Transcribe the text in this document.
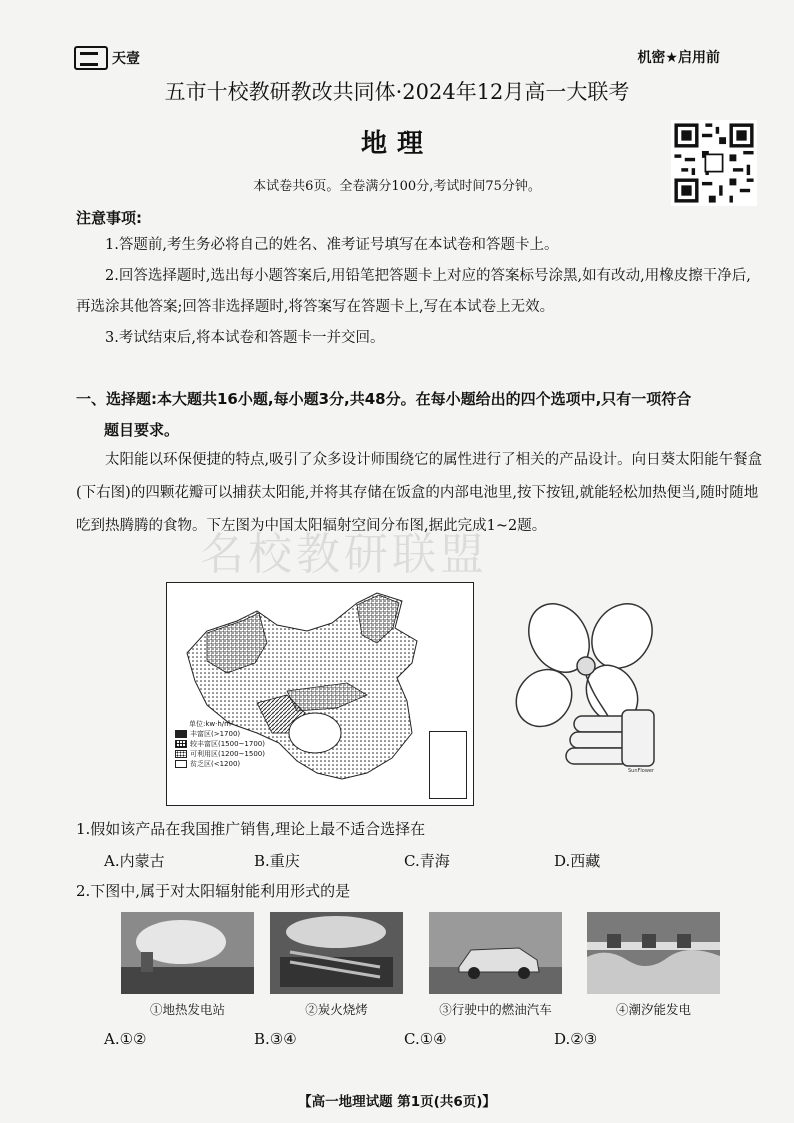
天壹	机密★启用前
五市十校教研教改共同体·2024年12月高一大联考
地理
本试卷共6页。全卷满分100分,考试时间75分钟。
注意事项:
1.答题前,考生务必将自己的姓名、准考证号填写在本试卷和答题卡上。
2.回答选择题时,选出每小题答案后,用铅笔把答题卡上对应的答案标号涂黑,如有改动,用橡皮擦干净后,再选涂其他答案;回答非选择题时,将答案写在答题卡上,写在本试卷上无效。
3.考试结束后,将本试卷和答题卡一并交回。
一、选择题:本大题共16小题,每小题3分,共48分。在每小题给出的四个选项中,只有一项符合
题目要求。
太阳能以环保便捷的特点,吸引了众多设计师围绕它的属性进行了相关的产品设计。向日葵太阳能午餐盒(下右图)的四颗花瓣可以捕获太阳能,并将其存储在饭盒的内部电池里,按下按钮,就能轻松加热便当,随时随地吃到热腾腾的食物。下左图为中国太阳辐射空间分布图,据此完成1~2题。
名校教研联盟
单位:kw·h/m²
丰富区(>1700)
较丰富区(1500~1700)
可利用区(1200~1500)
贫乏区(<1200)
SunFlower
1.假如该产品在我国推广销售,理论上最不适合选择在
A.内蒙古	B.重庆	C.青海	D.西藏
2.下图中,属于对太阳辐射能利用形式的是
①地热发电站	②炭火烧烤	③行驶中的燃油汽车	④潮汐能发电
A.①②	B.③④	C.①④	D.②③
【高一地理试题 第1页(共6页)】
